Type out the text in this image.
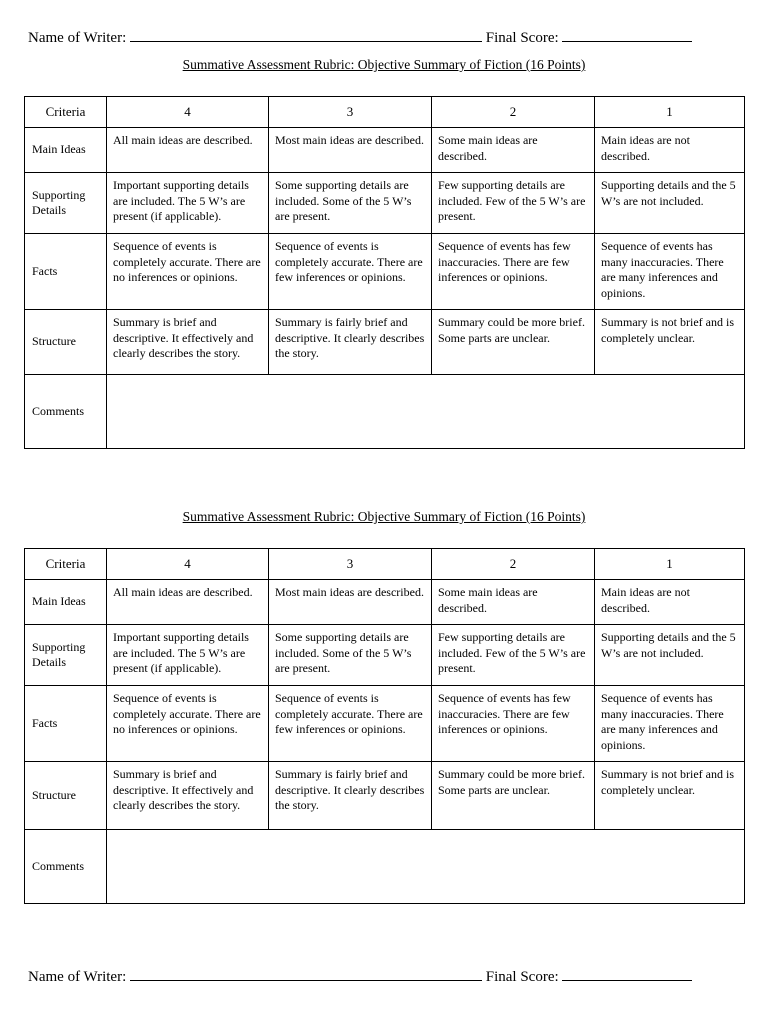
Name of Writer:	Final Score:
Summative Assessment Rubric: Objective Summary of Fiction (16 Points)
Criteria	4	3	2	1
Main Ideas	All main ideas are described.	Most main ideas are described.	Some main ideas are described.	Main ideas are not described.
Supporting Details	Important supporting details are included. The 5 W’s are present (if applicable).	Some supporting details are included. Some of the 5 W’s are present.	Few supporting details are included. Few of the 5 W’s are present.	Supporting details and the 5 W’s are not included.
Facts	Sequence of events is completely accurate. There are no inferences or opinions.	Sequence of events is completely accurate. There are few inferences or opinions.	Sequence of events has few inaccuracies. There are few inferences or opinions.	Sequence of events has many inaccuracies. There are many inferences and opinions.
Structure	Summary is brief and descriptive. It effectively and clearly describes the story.	Summary is fairly brief and descriptive. It clearly describes the story.	Summary could be more brief. Some parts are unclear.	Summary is not brief and is completely unclear.
Comments				
Summative Assessment Rubric: Objective Summary of Fiction (16 Points)
Criteria	4	3	2	1
Main Ideas	All main ideas are described.	Most main ideas are described.	Some main ideas are described.	Main ideas are not described.
Supporting Details	Important supporting details are included. The 5 W’s are present (if applicable).	Some supporting details are included. Some of the 5 W’s are present.	Few supporting details are included. Few of the 5 W’s are present.	Supporting details and the 5 W’s are not included.
Facts	Sequence of events is completely accurate. There are no inferences or opinions.	Sequence of events is completely accurate. There are few inferences or opinions.	Sequence of events has few inaccuracies. There are few inferences or opinions.	Sequence of events has many inaccuracies. There are many inferences and opinions.
Structure	Summary is brief and descriptive. It effectively and clearly describes the story.	Summary is fairly brief and descriptive. It clearly describes the story.	Summary could be more brief. Some parts are unclear.	Summary is not brief and is completely unclear.
Comments				
Name of Writer:	Final Score:
